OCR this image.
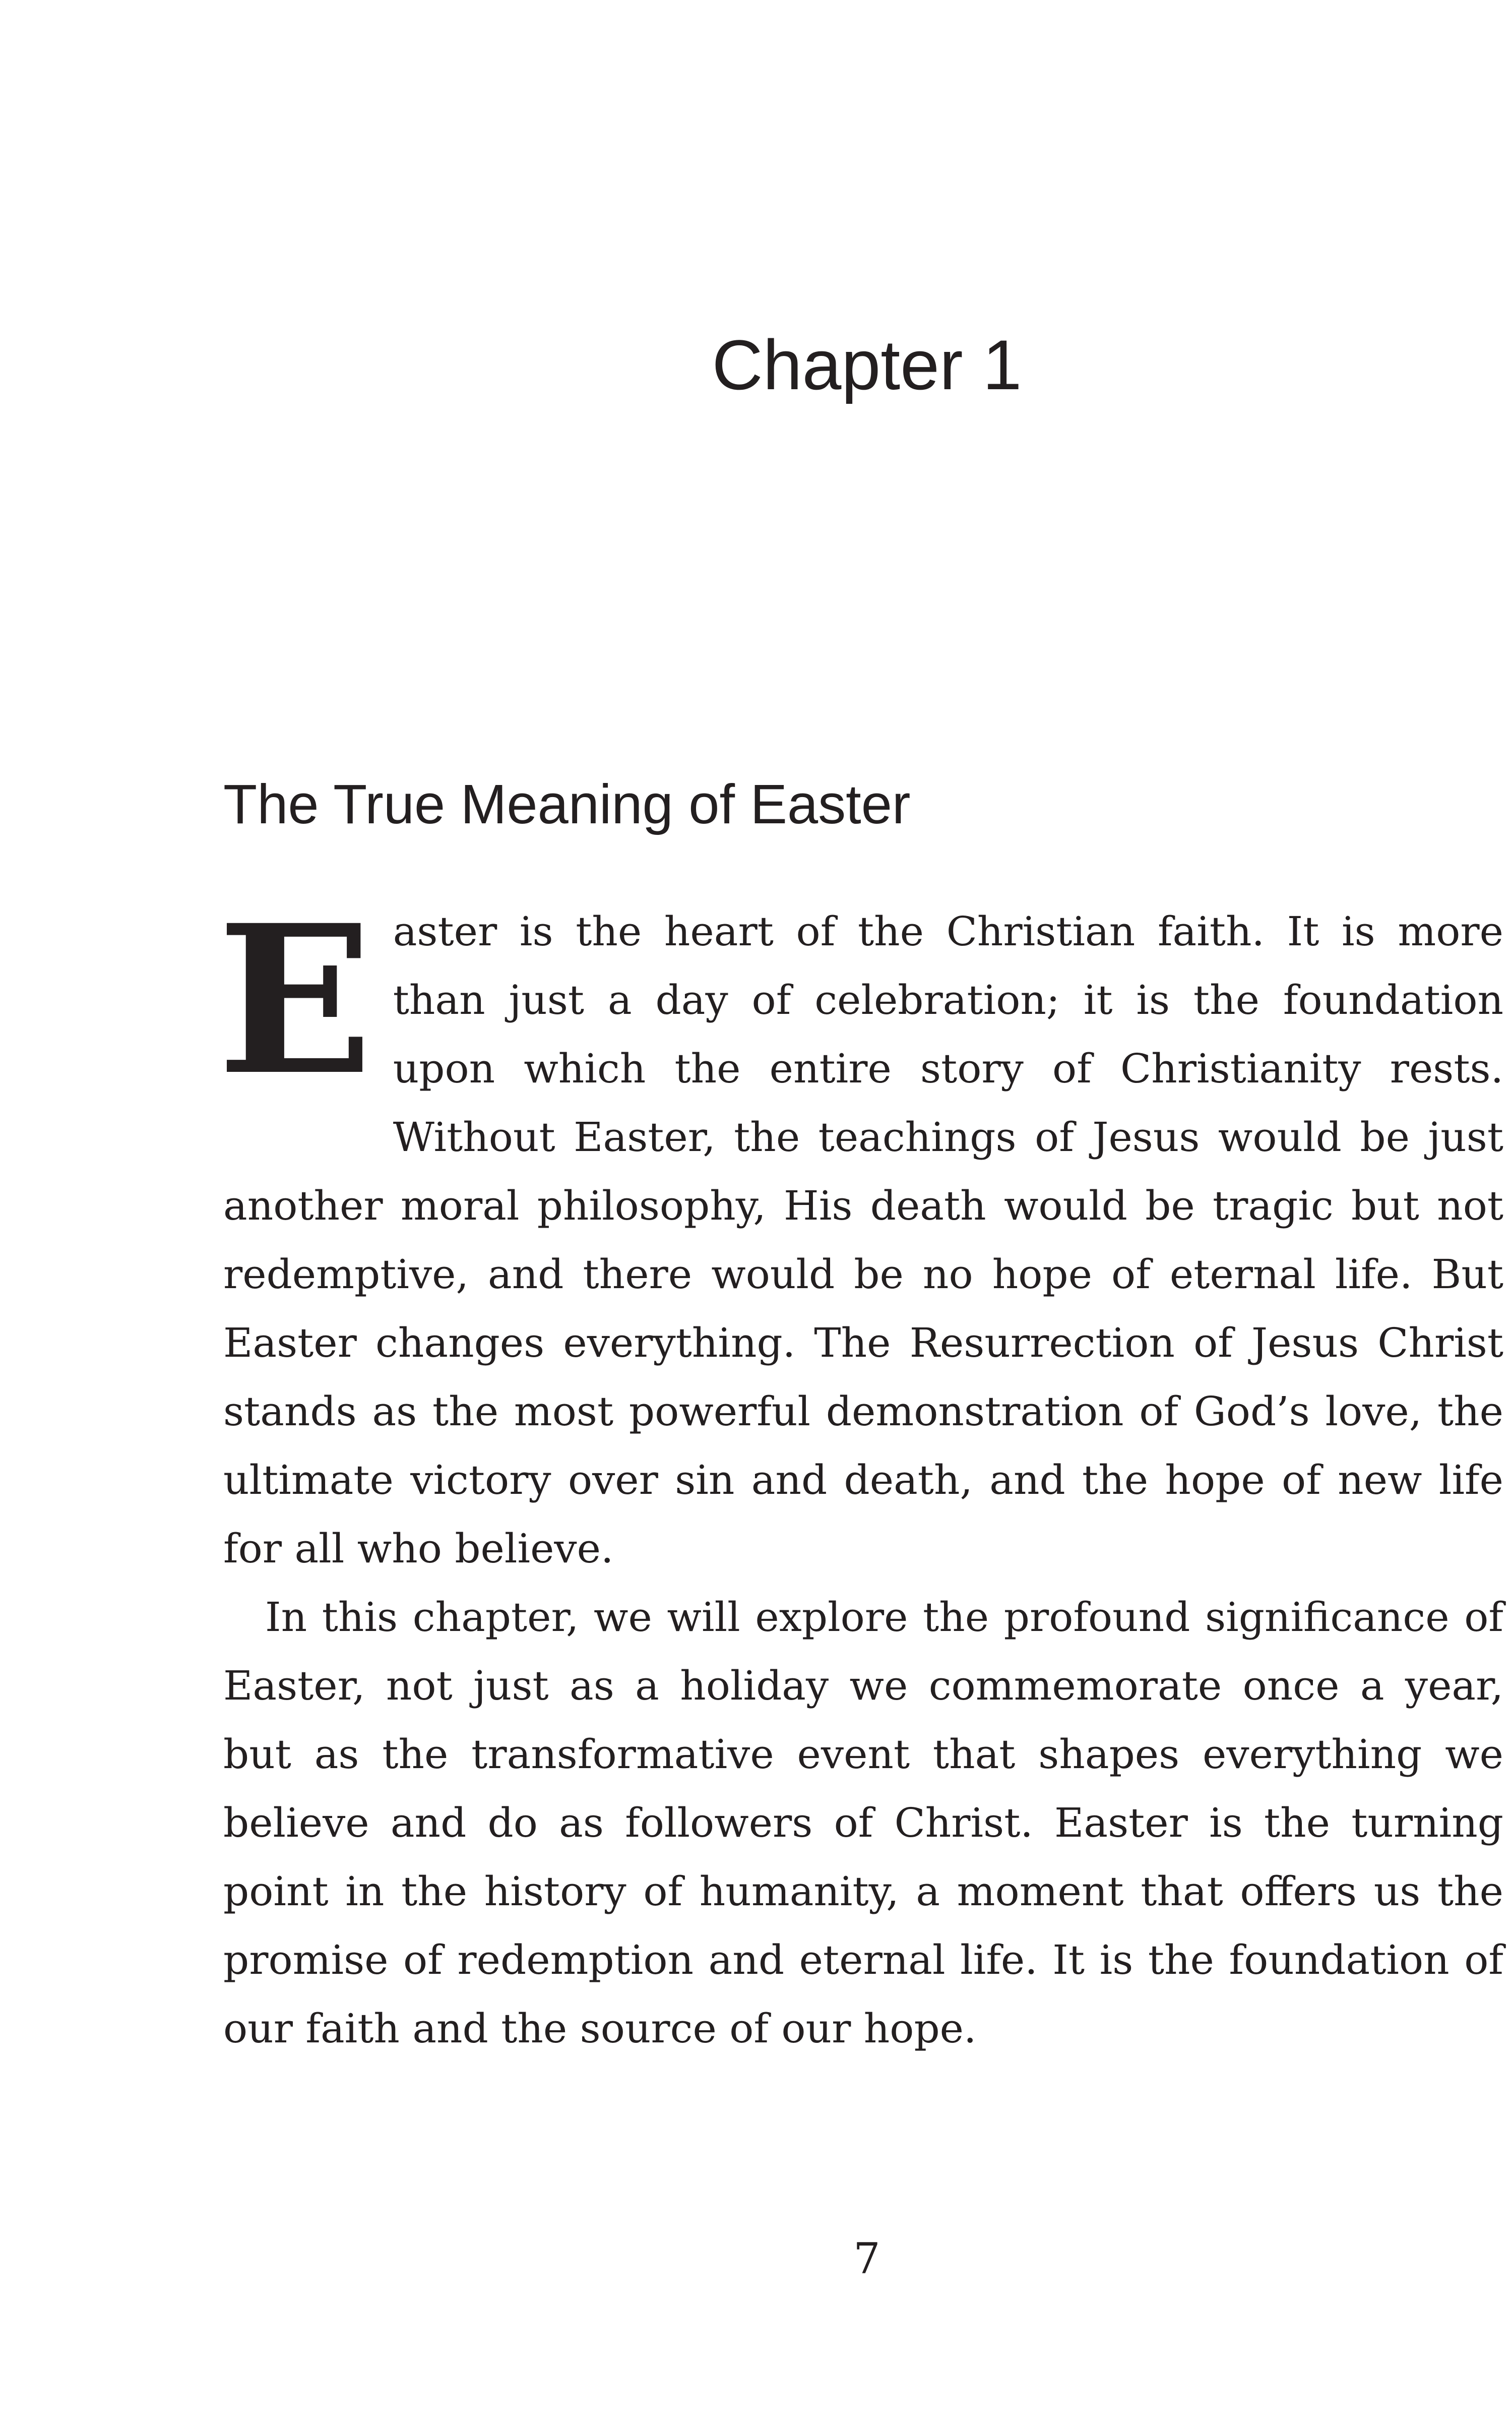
Chapter 1
The True Meaning of Easter

Easter is the heart of the Christian faith. It is more than just a day of celebration; it is the foundation upon which the entire story of Christianity rests. Without Easter, the teachings of Jesus would be just another moral philosophy, His death would be tragic but not redemptive, and there would be no hope of eternal life. But Easter changes everything. The Resurrection of Jesus Christ stands as the most powerful demonstration of God’s love, the ultimate victory over sin and death, and the hope of new life for all who believe.

In this chapter, we will explore the profound significance of Easter, not just as a holiday we commemorate once a year, but as the transformative event that shapes everything we believe and do as followers of Christ. Easter is the turning point in the history of humanity, a moment that offers us the promise of redemption and eternal life. It is the foundation of our faith and the source of our hope.

7
